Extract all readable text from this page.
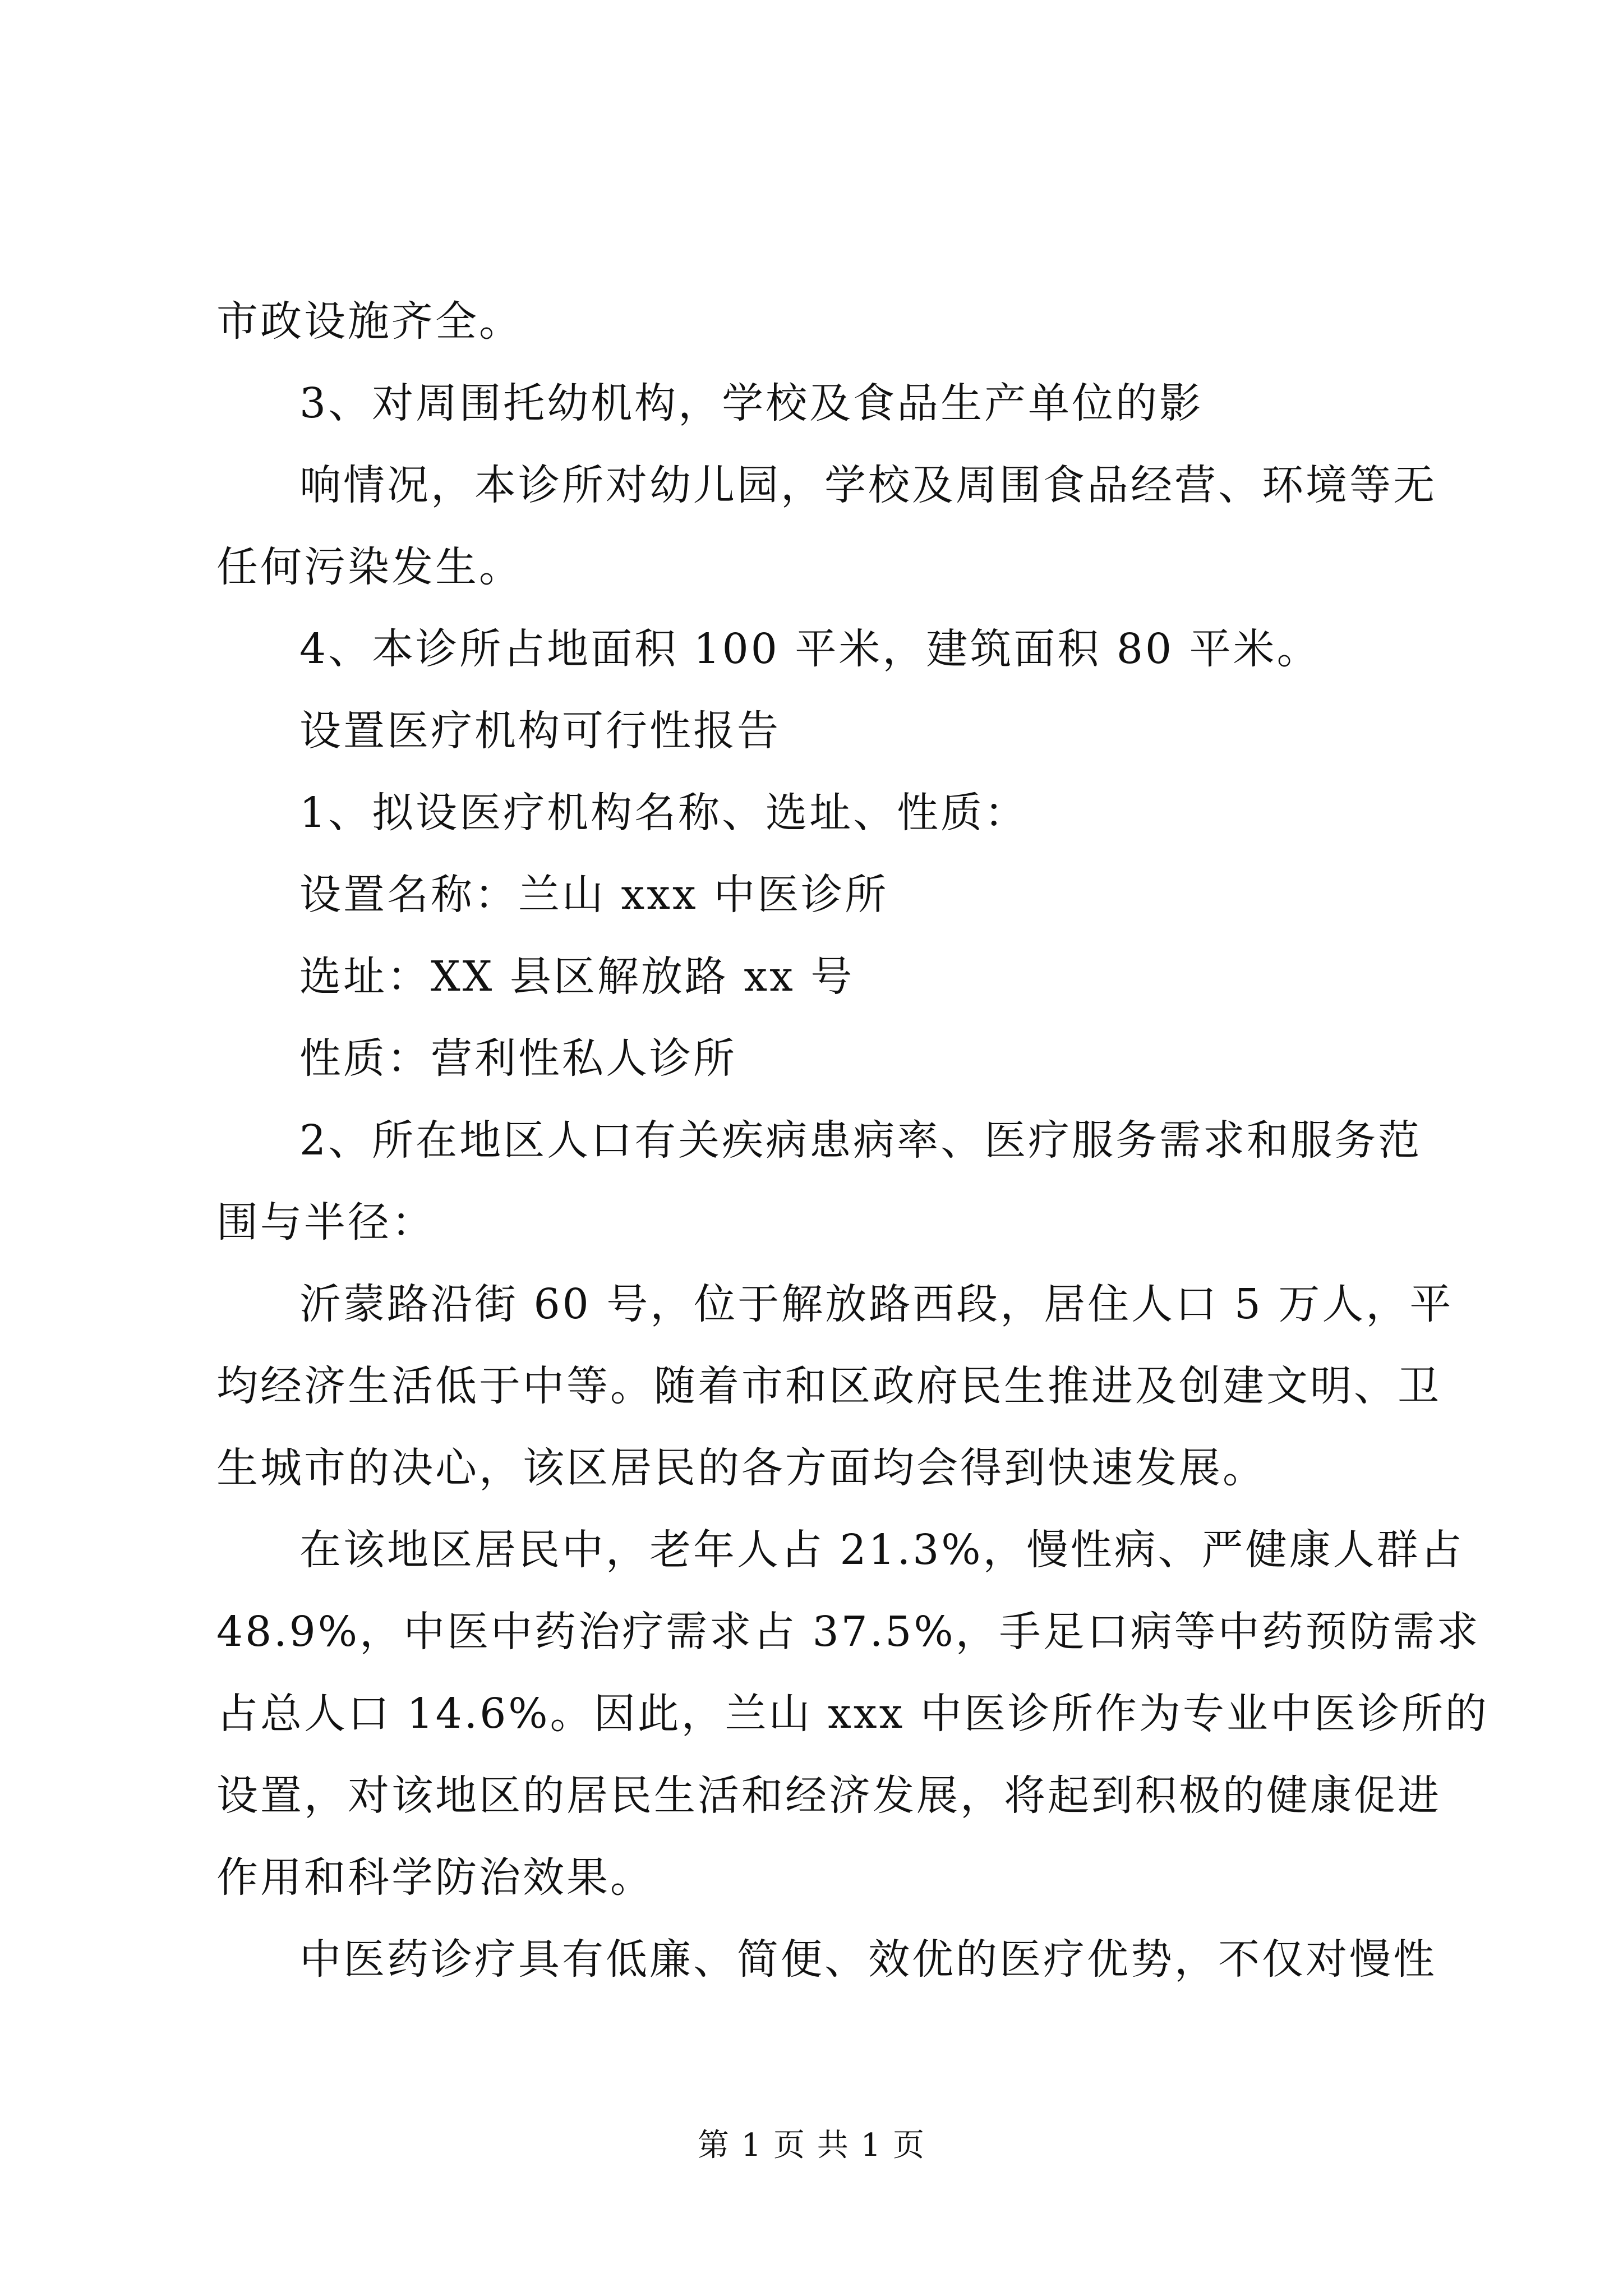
市政设施齐全。
3、对周围托幼机构，学校及食品生产单位的影
响情况，本诊所对幼儿园，学校及周围食品经营、环境等无
任何污染发生。
4、本诊所占地面积 100 平米，建筑面积 80 平米。
设置医疗机构可行性报告
1、拟设医疗机构名称、选址、性质：
设置名称：兰山 xxx 中医诊所
选址：XX 县区解放路 xx 号
性质：营利性私人诊所
2、所在地区人口有关疾病患病率、医疗服务需求和服务范
围与半径：
沂蒙路沿街 60 号，位于解放路西段，居住人口 5 万人，平
均经济生活低于中等。随着市和区政府民生推进及创建文明、卫
生城市的决心，该区居民的各方面均会得到快速发展。
在该地区居民中，老年人占 21.3%，慢性病、严健康人群占
48.9%，中医中药治疗需求占 37.5%，手足口病等中药预防需求
占总人口 14.6%。因此，兰山 xxx 中医诊所作为专业中医诊所的
设置，对该地区的居民生活和经济发展，将起到积极的健康促进
作用和科学防治效果。
中医药诊疗具有低廉、简便、效优的医疗优势，不仅对慢性
第 1 页 共 1 页
